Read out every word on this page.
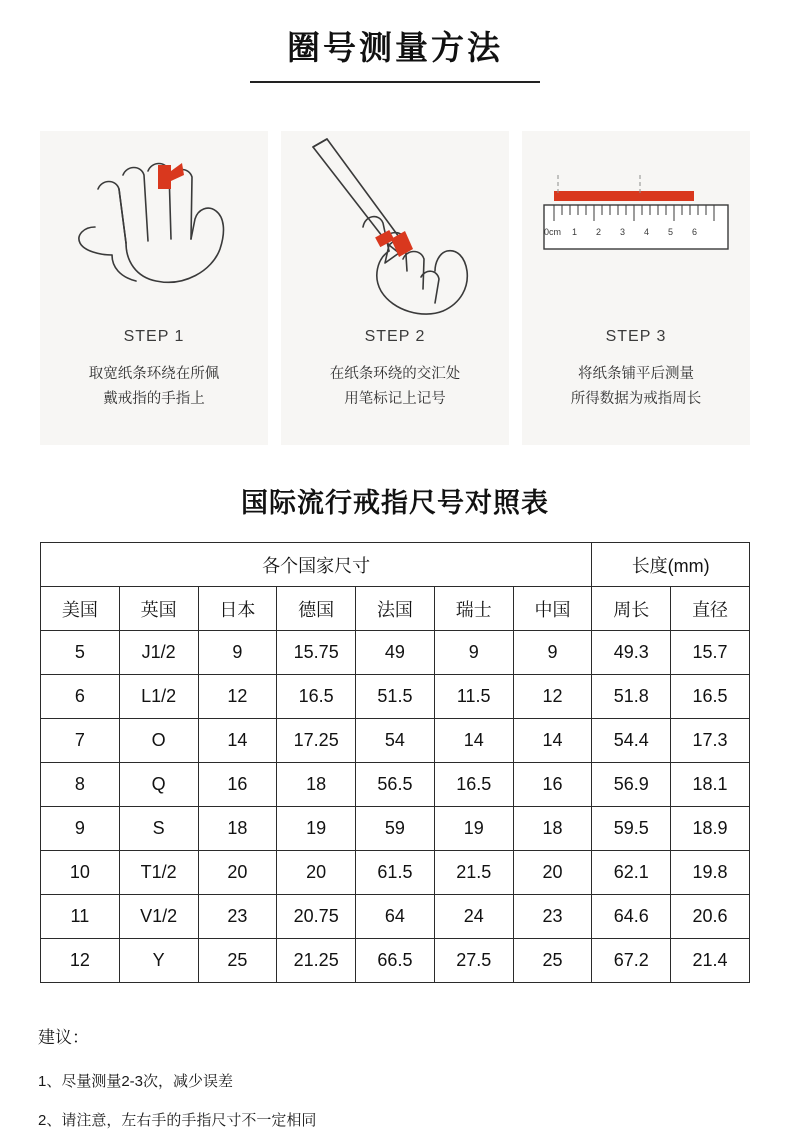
圈号测量方法
STEP 1
取宽纸条环绕在所佩
戴戒指的手指上
STEP 2
在纸条环绕的交汇处
用笔标记上记号
0cm 1 2 3 4 5 6
STEP 3
将纸条铺平后测量
所得数据为戒指周长
国际流行戒指尺号对照表
各个国家尺寸							长度(mm)	
美国	英国	日本	德国	法国	瑞士	中国	周长	直径
5	J1/2	9	15.75	49	9	9	49.3	15.7
6	L1/2	12	16.5	51.5	11.5	12	51.8	16.5
7	O	14	17.25	54	14	14	54.4	17.3
8	Q	16	18	56.5	16.5	16	56.9	18.1
9	S	18	19	59	19	18	59.5	18.9
10	T1/2	20	20	61.5	21.5	20	62.1	19.8
11	V1/2	23	20.75	64	24	23	64.6	20.6
12	Y	25	21.25	66.5	27.5	25	67.2	21.4
建议：
1、尽量测量2-3次，减少误差
2、请注意，左右手的手指尺寸不一定相同
